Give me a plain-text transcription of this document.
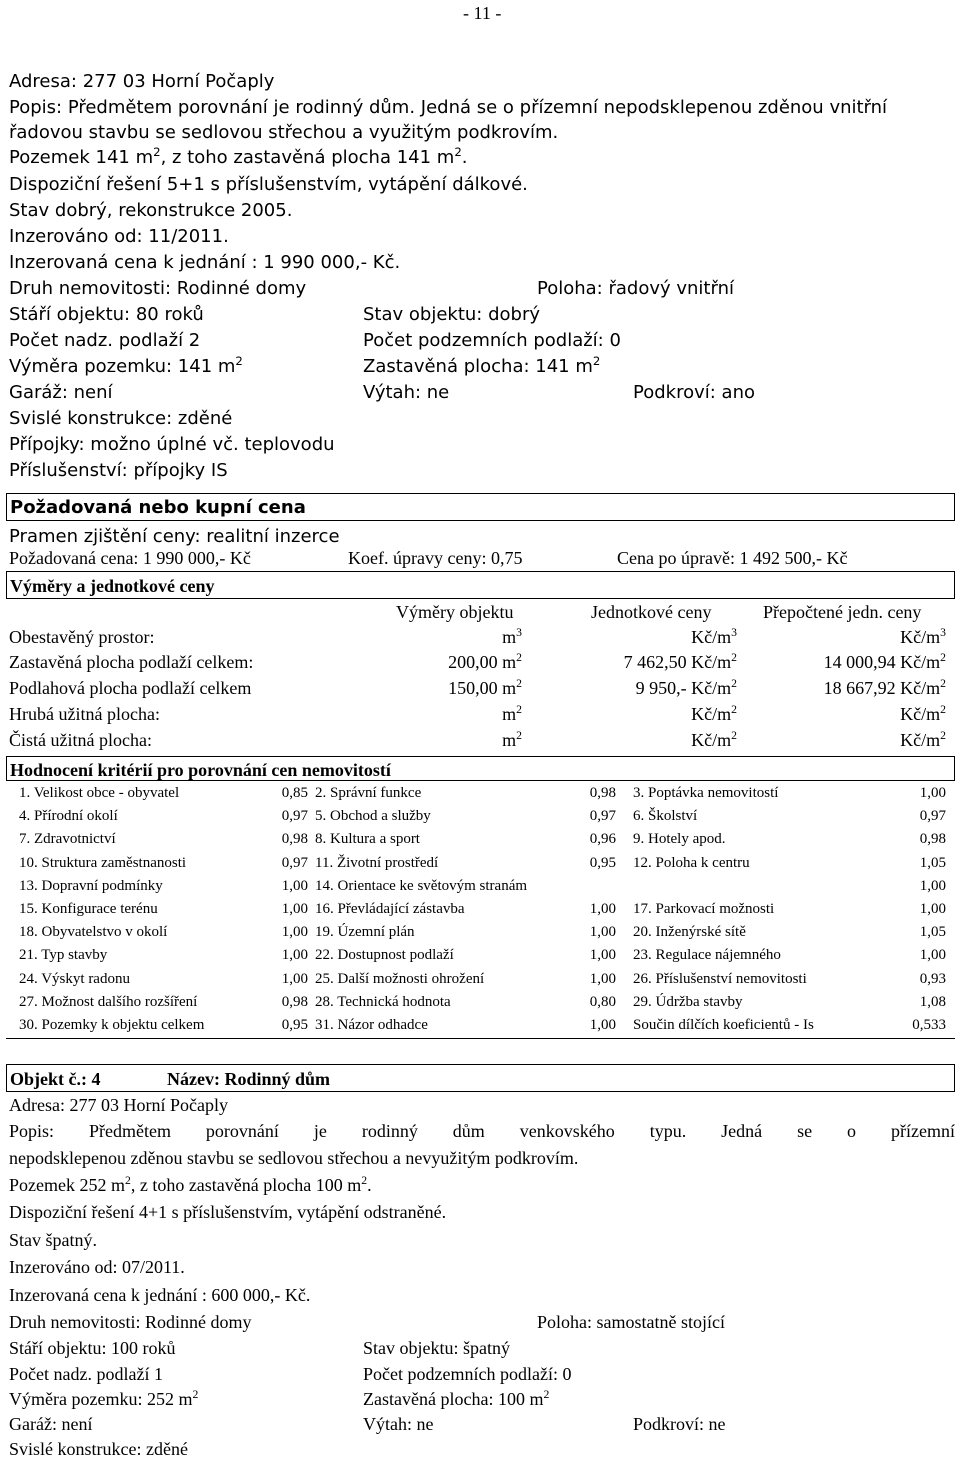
- 11 -
Adresa: 277 03 Horní Počaply
Popis: Předmětem porovnání je rodinný dům. Jedná se o přízemní nepodsklepenou zděnou vnitřní
řadovou stavbu se sedlovou střechou a využitým podkrovím.
Pozemek 141 $m^2$, z toho zastavěná plocha 141 $m^2$.
Dispoziční řešení 5+1 s příslušenstvím, vytápění dálkové.
Stav dobrý, rekonstrukce 2005.
Inzerováno od: 11/2011.
Inzerovaná cena k jednání : 1 990 000,- Kč.
Druh nemovitosti: Rodinné domy	Poloha: řadový vnitřní
Stáří objektu: 80 roků	Stav objektu: dobrý
Počet nadz. podlaží 2	Počet podzemních podlaží: 0
Výměra pozemku: 141 $m^2$	Zastavěná plocha: 141 $m^2$
Garáž: není	Výtah: ne	Podkroví: ano
Svislé konstrukce: zděné
Přípojky: možno úplné vč. teplovodu
Příslušenství: přípojky IS
Požadovaná nebo kupní cena
Pramen zjištění ceny: realitní inzerce
Požadovaná cena: 1 990 000,- Kč	Koef. úpravy ceny: 0,75	Cena po úpravě: 1 492 500,- Kč
Výměry a jednotkové ceny
Výměry objektu	Jednotkové ceny	Přepočtené jedn. ceny
Obestavěný prostor:	$m^3$	$Kč/m^3$	$Kč/m^3$
Zastavěná plocha podlaží celkem:	200,00 $m^2$	7 462,50 $Kč/m^2$	14 000,94 $Kč/m^2$
Podlahová plocha podlaží celkem	150,00 $m^2$	9 950,- $Kč/m^2$	18 667,92 $Kč/m^2$
Hrubá užitná plocha:	$m^2$	$Kč/m^2$	$Kč/m^2$
Čistá užitná plocha:	$m^2$	$Kč/m^2$	$Kč/m^2$
Hodnocení kritérií pro porovnání cen nemovitostí
1. Velikost obce - obyvatel	0,85 2. Správní funkce	0,98 3. Poptávka nemovitostí	1,00
4. Přírodní okolí	0,97 5. Obchod a služby	0,97 6. Školství	0,97
7. Zdravotnictví	0,98 8. Kultura a sport	0,96 9. Hotely apod.	0,98
10. Struktura zaměstnanosti	0,97 11. Životní prostředí	0,95 12. Poloha k centru	1,05
13. Dopravní podmínky	1,00 14. Orientace ke světovým stranám	1,00
15. Konfigurace terénu	1,00 16. Převládající zástavba	1,00 17. Parkovací možnosti	1,00
18. Obyvatelstvo v okolí	1,00 19. Územní plán	1,00 20. Inženýrské sítě	1,05
21. Typ stavby	1,00 22. Dostupnost podlaží	1,00 23. Regulace nájemného	1,00
24. Výskyt radonu	1,00 25. Další možnosti ohrožení	1,00 26. Příslušenství nemovitosti	0,93
27. Možnost dalšího rozšíření	0,98 28. Technická hodnota	0,80 29. Údržba stavby	1,08
30. Pozemky k objektu celkem	0,95 31. Názor odhadce	1,00 Součin dílčích koeficientů - Is	0,533
Objekt č.: 4	Název: Rodinný dům
Adresa: 277 03 Horní Počaply
Popis: Předmětem porovnání je rodinný dům venkovského typu. Jedná se o přízemní
nepodsklepenou zděnou stavbu se sedlovou střechou a nevyužitým podkrovím.
Pozemek 252 $m^2$, z toho zastavěná plocha 100 $m^2$.
Dispoziční řešení 4+1 s příslušenstvím, vytápění odstraněné.
Stav špatný.
Inzerováno od: 07/2011.
Inzerovaná cena k jednání : 600 000,- Kč.
Druh nemovitosti: Rodinné domy	Poloha: samostatně stojící
Stáří objektu: 100 roků	Stav objektu: špatný
Počet nadz. podlaží 1	Počet podzemních podlaží: 0
Výměra pozemku: 252 $m^2$	Zastavěná plocha: 100 $m^2$
Garáž: není	Výtah: ne	Podkroví: ne
Svislé konstrukce: zděné
